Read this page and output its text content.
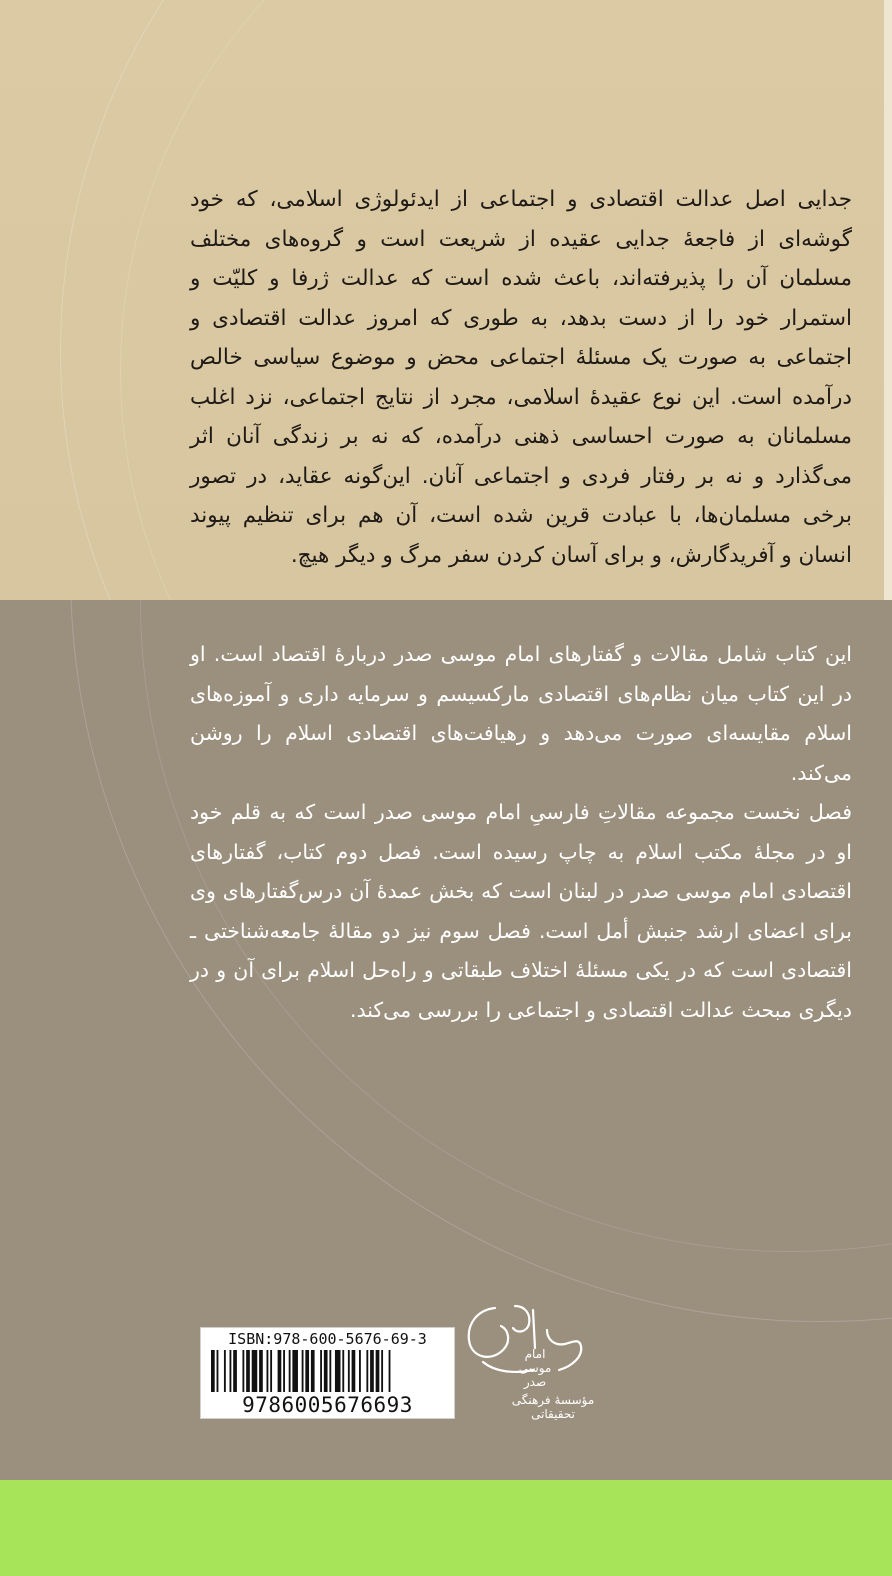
جدایی اصل عدالت اقتصادی و اجتماعی از ایدئولوژی اسلامی، که خود گوشه‌ای از فاجعهٔ جدایی عقیده از شریعت است و گروه‌های مختلف مسلمان آن را پذیرفته‌اند، باعث شده است که عدالت ژرفا و کلیّت و استمرار خود را از دست بدهد، به طوری که امروز عدالت اقتصادی و اجتماعی به صورت یک مسئلهٔ اجتماعی محض و موضوع سیاسی خالص درآمده است. این نوع عقیدهٔ اسلامی، مجرد از نتایج اجتماعی، نزد اغلب مسلمانان به صورت احساسی ذهنی درآمده، که نه بر زندگی آنان اثر می‌گذارد و نه بر رفتار فردی و اجتماعی آنان. این‌گونه عقاید، در تصور برخی مسلمان‌ها، با عبادت قرین شده است، آن هم برای تنظیم پیوند انسان و آفریدگارش، و برای آسان کردن سفر مرگ و دیگر هیچ.

این کتاب شامل مقالات و گفتارهای امام موسی صدر دربارهٔ اقتصاد است. او در این کتاب میان نظام‌های اقتصادی مارکسیسم و سرمایه داری و آموزه‌های اسلام مقایسه‌ای صورت می‌دهد و رهیافت‌های اقتصادی اسلام را روشن می‌کند.

فصل نخست مجموعه مقالاتِ فارسیِ امام موسی صدر است که به قلم خود او در مجلهٔ مکتب اسلام به چاپ رسیده است. فصل دوم کتاب، گفتارهای اقتصادی امام موسی صدر در لبنان است که بخش عمدهٔ آن درس‌گفتارهای وی برای اعضای ارشد جنبش أمل است. فصل سوم نیز دو مقالهٔ جامعه‌شناختی ـ اقتصادی است که در یکی مسئلهٔ اختلاف طبقاتی و راه‌حل اسلام برای آن و در دیگری مبحث عدالت اقتصادی و اجتماعی را بررسی می‌کند.

ISBN:978-600-5676-69-3
9786005676693
امام
موسی
صدر
مؤسسهٔ فرهنگی تحقیقاتی
